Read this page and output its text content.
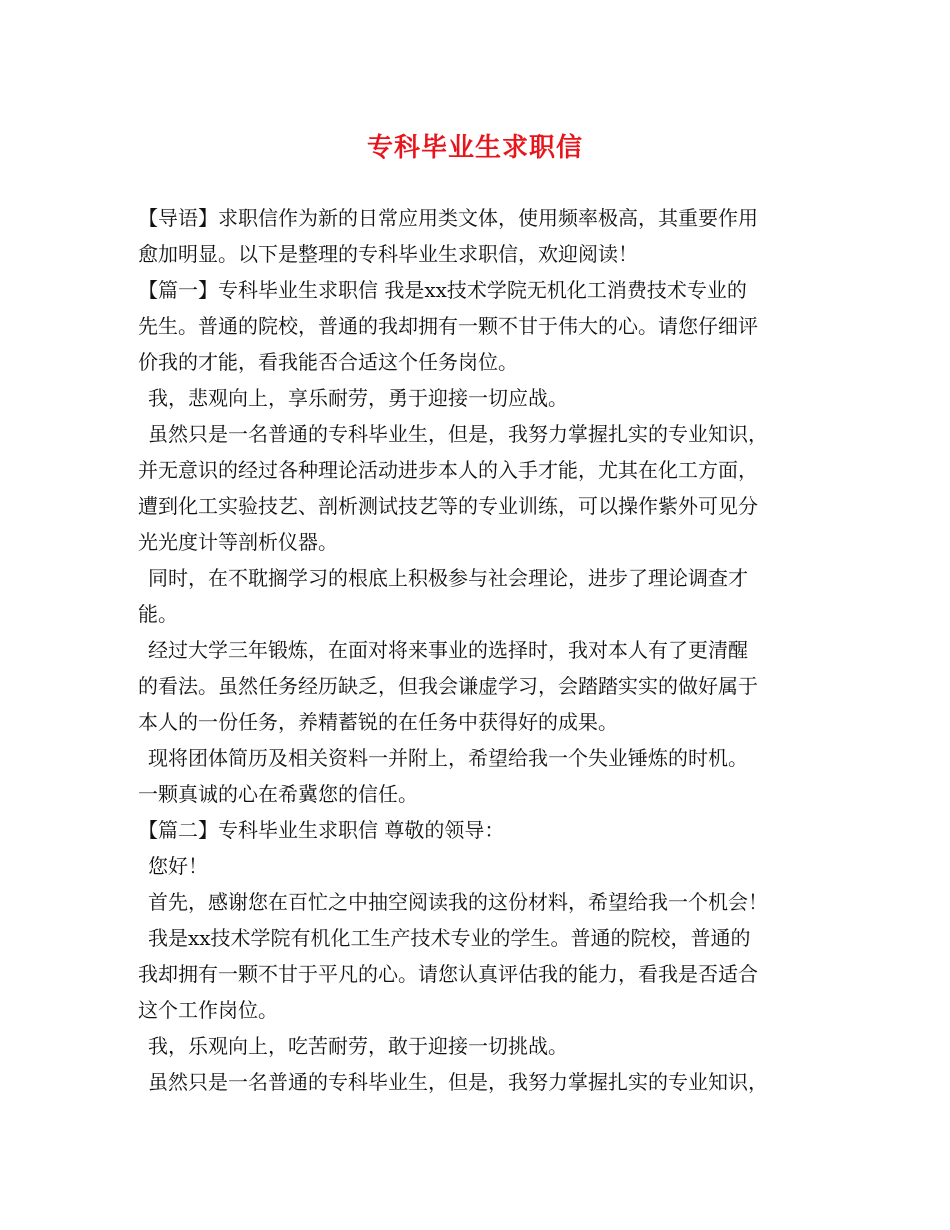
专科毕业生求职信
【导语】求职信作为新的日常应用类文体，使用频率极高，其重要作用
愈加明显。以下是整理的专科毕业生求职信，欢迎阅读！
【篇一】专科毕业生求职信 我是xx技术学院无机化工消费技术专业的
先生。普通的院校，普通的我却拥有一颗不甘于伟大的心。请您仔细评
价我的才能，看我能否合适这个任务岗位。
我，悲观向上，享乐耐劳，勇于迎接一切应战。
虽然只是一名普通的专科毕业生，但是，我努力掌握扎实的专业知识，
并无意识的经过各种理论活动进步本人的入手才能，尤其在化工方面，
遭到化工实验技艺、剖析测试技艺等的专业训练，可以操作紫外可见分
光光度计等剖析仪器。
同时，在不耽搁学习的根底上积极参与社会理论，进步了理论调查才
能。
经过大学三年锻炼，在面对将来事业的选择时，我对本人有了更清醒
的看法。虽然任务经历缺乏，但我会谦虚学习，会踏踏实实的做好属于
本人的一份任务，养精蓄锐的在任务中获得好的成果。
现将团体简历及相关资料一并附上，希望给我一个失业锤炼的时机。
一颗真诚的心在希冀您的信任。
【篇二】专科毕业生求职信 尊敬的领导：
您好！
首先，感谢您在百忙之中抽空阅读我的这份材料，希望给我一个机会！
我是xx技术学院有机化工生产技术专业的学生。普通的院校，普通的
我却拥有一颗不甘于平凡的心。请您认真评估我的能力，看我是否适合
这个工作岗位。
我，乐观向上，吃苦耐劳，敢于迎接一切挑战。
虽然只是一名普通的专科毕业生，但是，我努力掌握扎实的专业知识，
